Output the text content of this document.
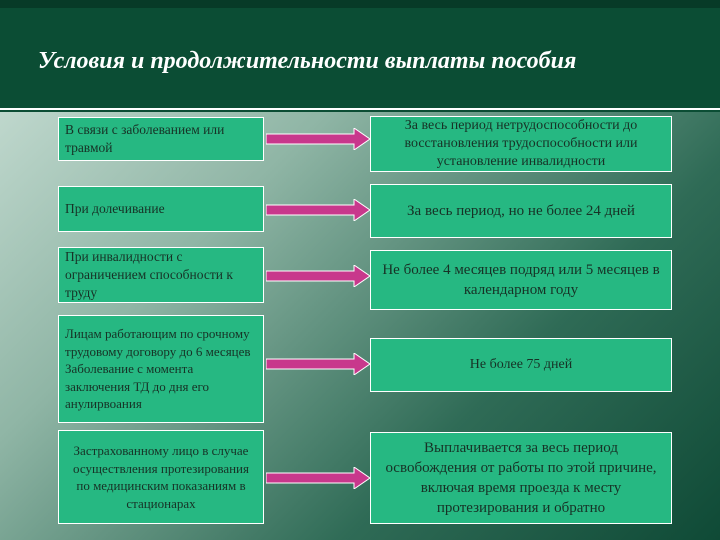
Условия и продолжительности выплаты пособия
В связи с заболеванием или травмой
За весь период нетрудоспособности до восстановления трудоспособности или установление инвалидности
При долечивание	За весь период, но не более 24 дней
При инвалидности с ограничением способности к труду
Не более 4 месяцев подряд или 5 месяцев в календарном году
Лицам работающим по срочному трудовому договору до 6 месяцев Заболевание с момента заключения ТД до дня его анулирвоания
Не более 75 дней
Застрахованному лицо в случае осуществления протезирования по медицинским показаниям в стационарах
Выплачивается за весь период освобождения от работы по этой причине, включая время проезда к месту протезирования и обратно
